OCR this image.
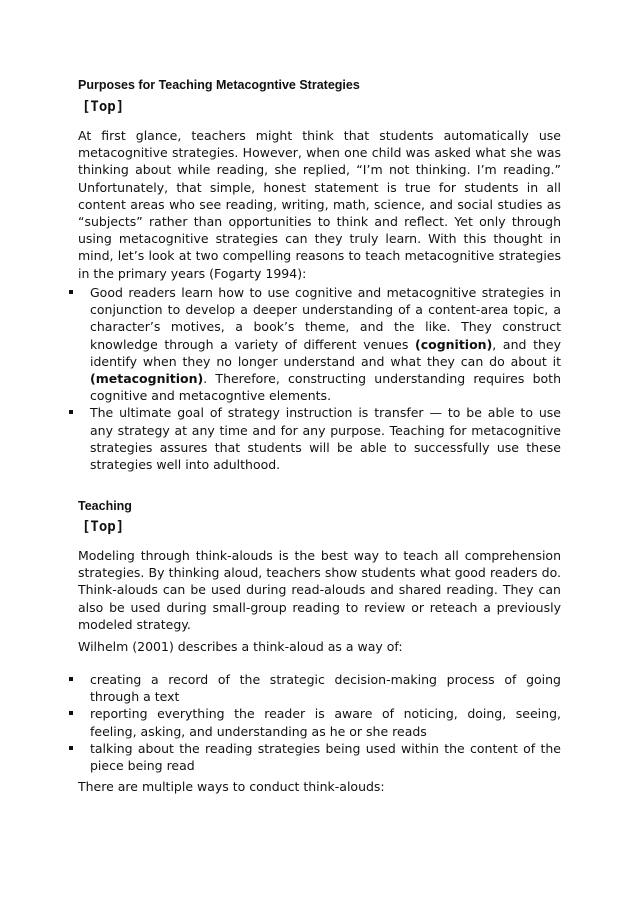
Purposes for Teaching Metacogntive Strategies
[Top]
At first glance, teachers might think that students automatically use metacognitive strategies. However, when one child was asked what she was thinking about while reading, she replied, “I’m not thinking. I’m reading.” Unfortunately, that simple, honest statement is true for students in all content areas who see reading, writing, math, science, and social studies as “subjects” rather than opportunities to think and reflect. Yet only through using metacognitive strategies can they truly learn. With this thought in mind, let’s look at two compelling reasons to teach metacognitive strategies in the primary years (Fogarty 1994):
Good readers learn how to use cognitive and metacognitive strategies in conjunction to develop a deeper understanding of a content-area topic, a character’s motives, a book’s theme, and the like. They construct knowledge through a variety of different venues (cognition), and they identify when they no longer understand and what they can do about it (metacognition). Therefore, constructing understanding requires both cognitive and metacogntive elements.
The ultimate goal of strategy instruction is transfer — to be able to use any strategy at any time and for any purpose. Teaching for metacognitive strategies assures that students will be able to successfully use these strategies well into adulthood.
Teaching
[Top]
Modeling through think-alouds is the best way to teach all comprehension strategies. By thinking aloud, teachers show students what good readers do. Think-alouds can be used during read-alouds and shared reading. They can also be used during small-group reading to review or reteach a previously modeled strategy.
Wilhelm (2001) describes a think-aloud as a way of:
creating a record of the strategic decision-making process of going through a text
reporting everything the reader is aware of noticing, doing, seeing, feeling, asking, and understanding as he or she reads
talking about the reading strategies being used within the content of the piece being read
There are multiple ways to conduct think-alouds:
